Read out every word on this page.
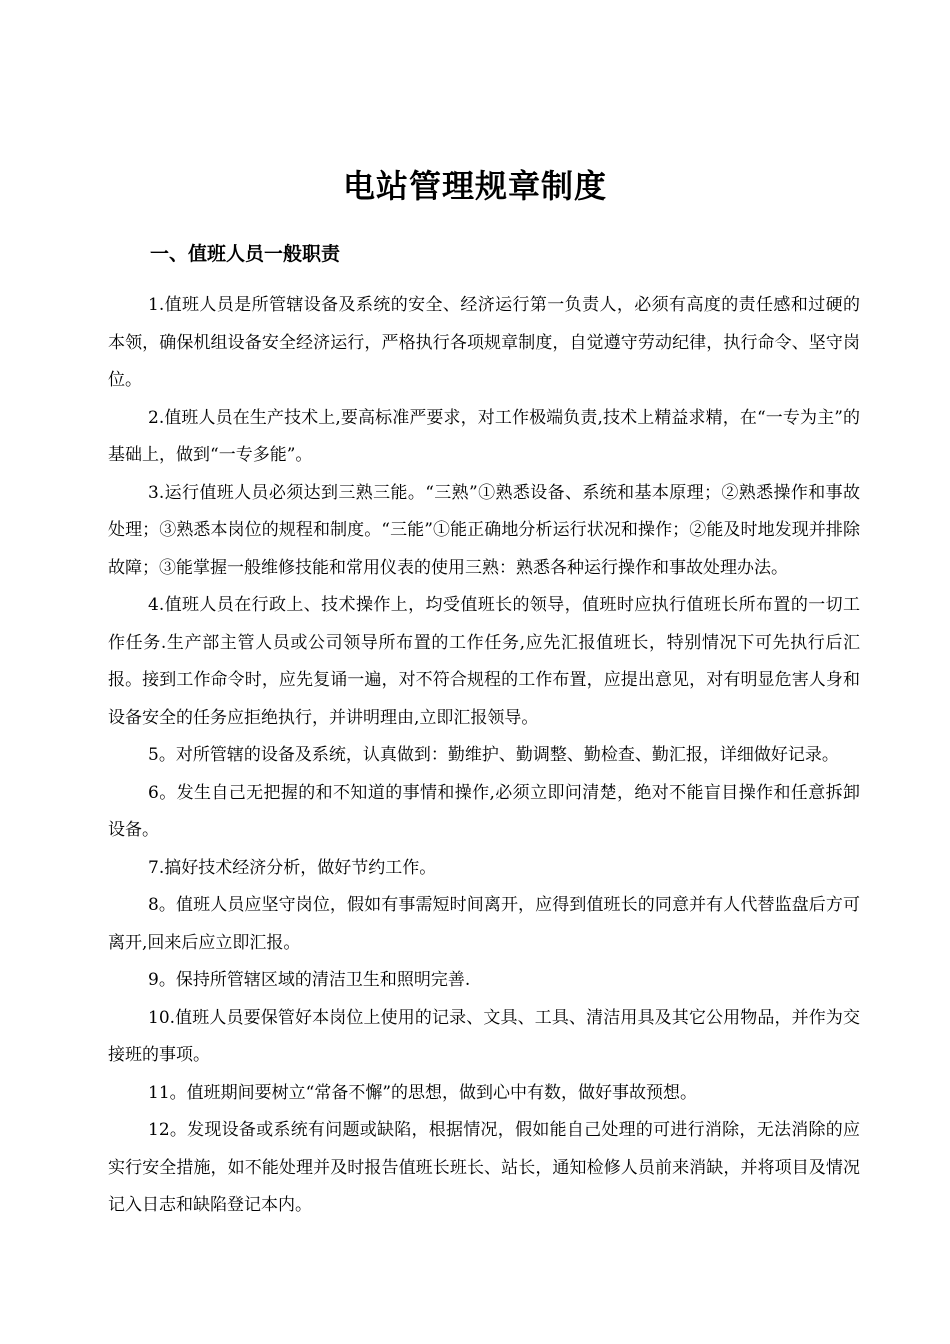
电站管理规章制度
一、值班人员一般职责

1.值班人员是所管辖设备及系统的安全、经济运行第一负责人，必须有高度的责任感和过硬的本领，确保机组设备安全经济运行，严格执行各项规章制度，自觉遵守劳动纪律，执行命令、坚守岗位。

2.值班人员在生产技术上,要高标准严要求，对工作极端负责,技术上精益求精，在“一专为主”的基础上，做到“一专多能”。

3.运行值班人员必须达到三熟三能。“三熟”①熟悉设备、系统和基本原理；②熟悉操作和事故处理；③熟悉本岗位的规程和制度。“三能”①能正确地分析运行状况和操作；②能及时地发现并排除故障；③能掌握一般维修技能和常用仪表的使用三熟：熟悉各种运行操作和事故处理办法。

4.值班人员在行政上、技术操作上，均受值班长的领导，值班时应执行值班长所布置的一切工作任务.生产部主管人员或公司领导所布置的工作任务,应先汇报值班长，特别情况下可先执行后汇报。接到工作命令时，应先复诵一遍，对不符合规程的工作布置，应提出意见，对有明显危害人身和设备安全的任务应拒绝执行，并讲明理由,立即汇报领导。

5。对所管辖的设备及系统，认真做到：勤维护、勤调整、勤检查、勤汇报，详细做好记录。

6。发生自己无把握的和不知道的事情和操作,必须立即问清楚，绝对不能盲目操作和任意拆卸设备。

7.搞好技术经济分析，做好节约工作。

8。值班人员应坚守岗位，假如有事需短时间离开，应得到值班长的同意并有人代替监盘后方可离开,回来后应立即汇报。

9。保持所管辖区域的清洁卫生和照明完善.

10.值班人员要保管好本岗位上使用的记录、文具、工具、清洁用具及其它公用物品，并作为交接班的事项。

11。值班期间要树立“常备不懈”的思想，做到心中有数，做好事故预想。

12。发现设备或系统有问题或缺陷，根据情况，假如能自己处理的可进行消除，无法消除的应实行安全措施，如不能处理并及时报告值班长班长、站长，通知检修人员前来消缺，并将项目及情况记入日志和缺陷登记本内。
